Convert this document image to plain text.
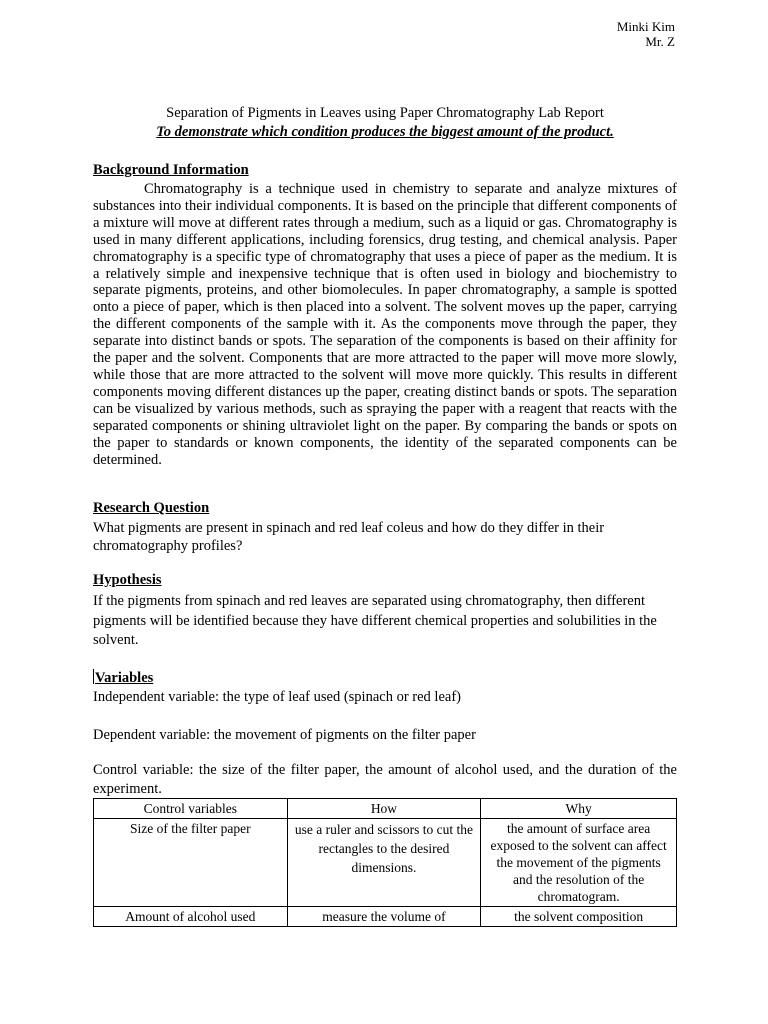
Minki Kim
Mr. Z
Separation of Pigments in Leaves using Paper Chromatography Lab Report
To demonstrate which condition produces the biggest amount of the product.
Background Information
Chromatography is a technique used in chemistry to separate and analyze mixtures of substances into their individual components. It is based on the principle that different components of a mixture will move at different rates through a medium, such as a liquid or gas. Chromatography is used in many different applications, including forensics, drug testing, and chemical analysis. Paper chromatography is a specific type of chromatography that uses a piece of paper as the medium. It is a relatively simple and inexpensive technique that is often used in biology and biochemistry to separate pigments, proteins, and other biomolecules. In paper chromatography, a sample is spotted onto a piece of paper, which is then placed into a solvent. The solvent moves up the paper, carrying the different components of the sample with it. As the components move through the paper, they separate into distinct bands or spots. The separation of the components is based on their affinity for the paper and the solvent. Components that are more attracted to the paper will move more slowly, while those that are more attracted to the solvent will move more quickly. This results in different components moving different distances up the paper, creating distinct bands or spots. The separation can be visualized by various methods, such as spraying the paper with a reagent that reacts with the separated components or shining ultraviolet light on the paper. By comparing the bands or spots on the paper to standards or known components, the identity of the separated components can be determined.
Research Question
What pigments are present in spinach and red leaf coleus and how do they differ in their chromatography profiles?
Hypothesis
If the pigments from spinach and red leaves are separated using chromatography, then different pigments will be identified because they have different chemical properties and solubilities in the solvent.
Variables
Independent variable: the type of leaf used (spinach or red leaf)
Dependent variable: the movement of pigments on the filter paper
Control variable: the size of the filter paper, the amount of alcohol used, and the duration of the experiment.
Control variables	How	Why
Size of the filter paper	use a ruler and scissors to cut the rectangles to the desired dimensions.	the amount of surface area exposed to the solvent can affect the movement of the pigments and the resolution of the chromatogram.
Amount of alcohol used	measure the volume of	the solvent composition
